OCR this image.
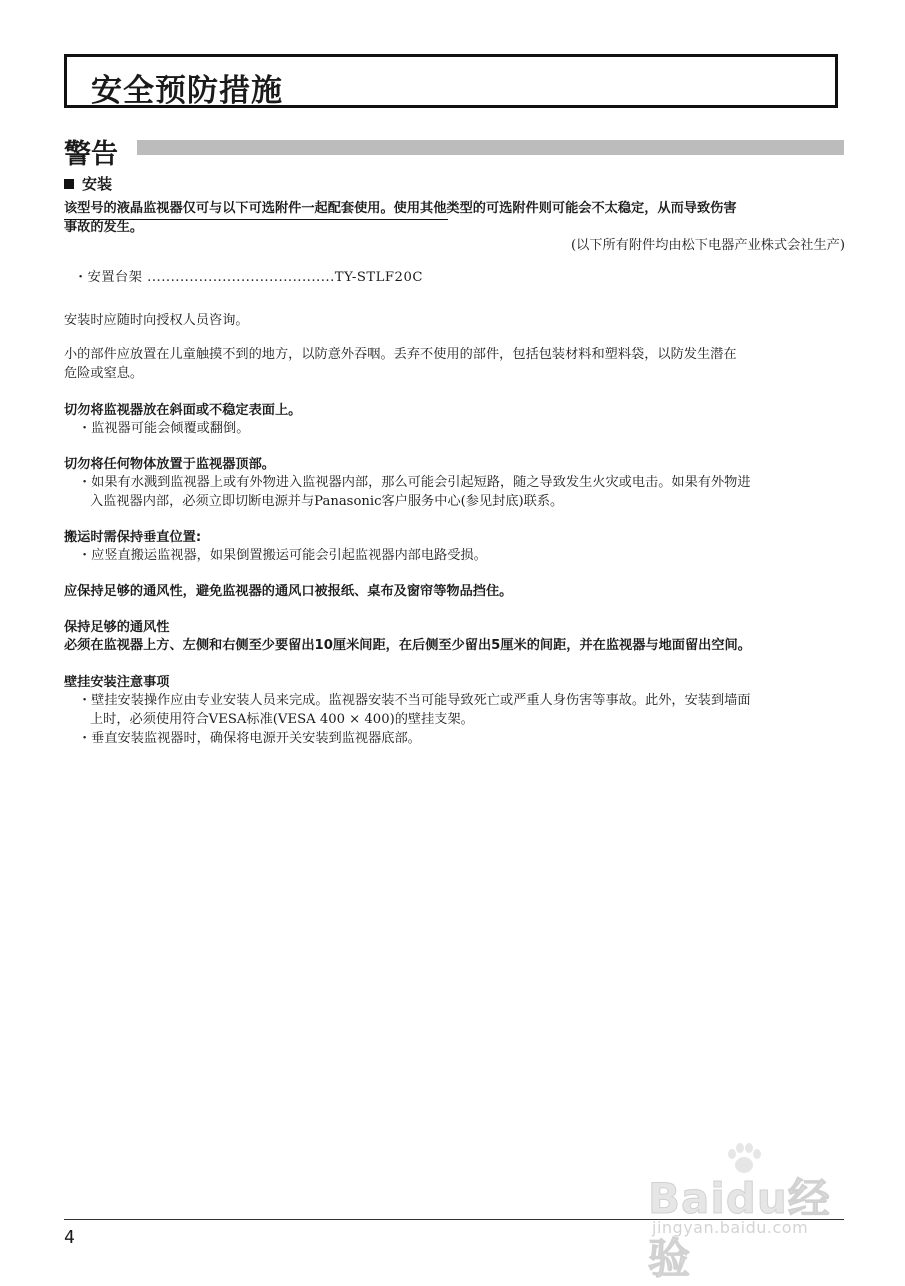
安全预防措施
警告
安装
该型号的液晶监视器仅可与以下可选附件一起配套使用。使用其他类型的可选附件则可能会不太稳定，从而导致伤害
事故的发生。
(以下所有附件均由松下电器产业株式会社生产)
・安置台架 ........................................TY-STLF20C
安装时应随时向授权人员咨询。
小的部件应放置在儿童触摸不到的地方，以防意外吞咽。丢弃不使用的部件，包括包装材料和塑料袋，以防发生潜在
危险或窒息。
切勿将监视器放在斜面或不稳定表面上。
・监视器可能会倾覆或翻倒。
切勿将任何物体放置于监视器顶部。
・如果有水溅到监视器上或有外物进入监视器内部，那么可能会引起短路，随之导致发生火灾或电击。如果有外物进
入监视器内部，必须立即切断电源并与Panasonic客户服务中心(参见封底)联系。
搬运时需保持垂直位置:
・应竖直搬运监视器，如果倒置搬运可能会引起监视器内部电路受损。
应保持足够的通风性，避免监视器的通风口被报纸、桌布及窗帘等物品挡住。
保持足够的通风性
必须在监视器上方、左侧和右侧至少要留出10厘米间距，在后侧至少留出5厘米的间距，并在监视器与地面留出空间。
壁挂安装注意事项
・壁挂安装操作应由专业安装人员来完成。监视器安装不当可能导致死亡或严重人身伤害等事故。此外，安装到墙面
上时，必须使用符合VESA标准(VESA 400 × 400)的壁挂支架。
・垂直安装监视器时，确保将电源开关安装到监视器底部。
4
Baidu经验
jingyan.baidu.com
